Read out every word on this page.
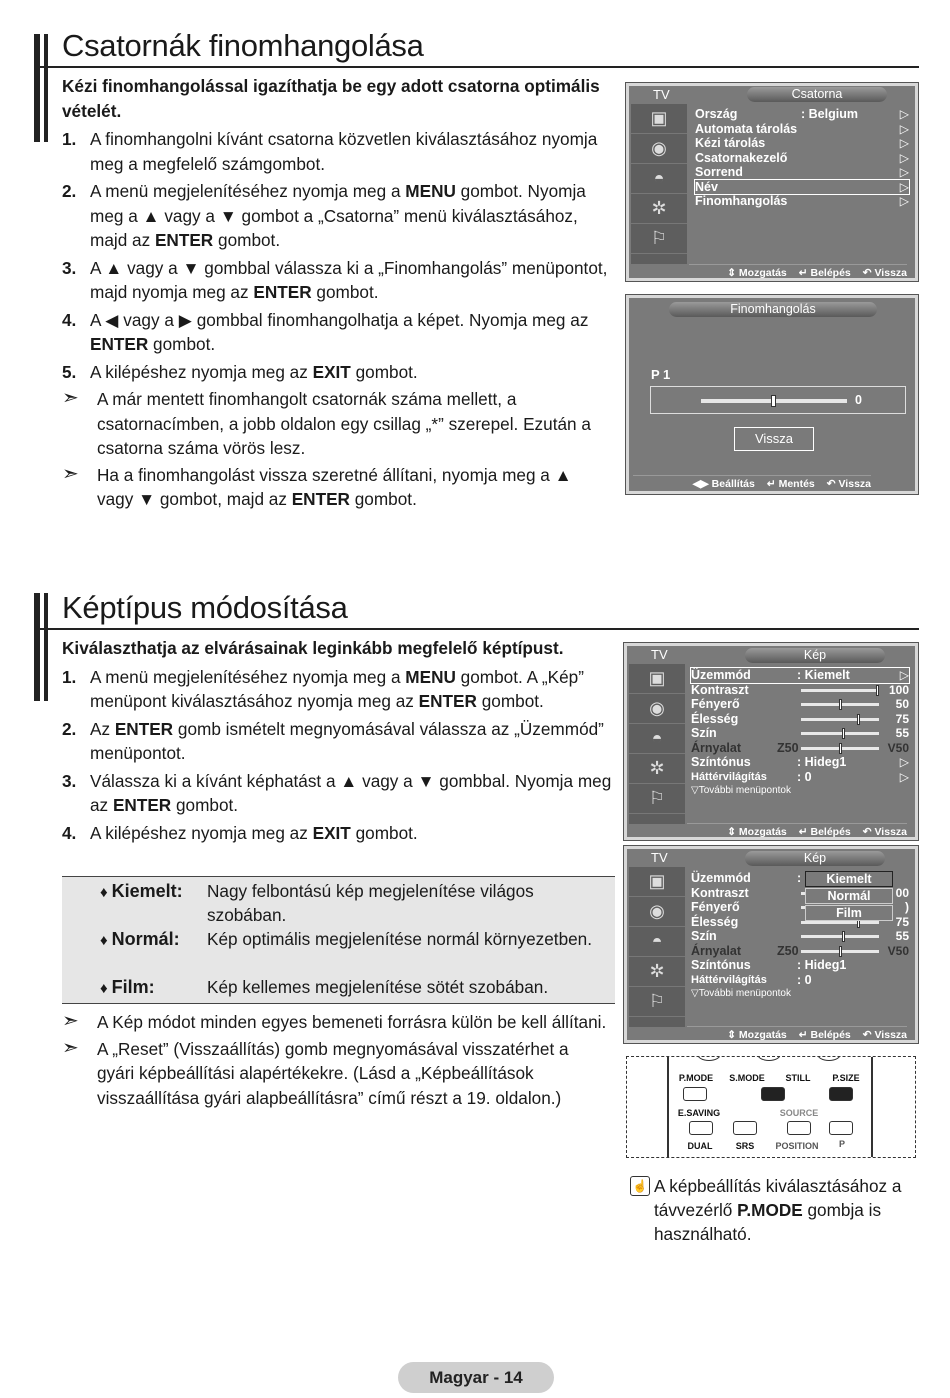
Csatornák finomhangolása
Kézi finomhangolással igazíthatja be egy adott csatorna optimális vételét.
1. A finomhangolni kívánt csatorna közvetlen kiválasztásához nyomja meg a megfelelő számgombot.
2. A menü megjelenítéséhez nyomja meg a MENU gombot. Nyomja meg a ▲ vagy a ▼ gombot a „Csatorna” menü kiválasztásához, majd az ENTER gombot.
3. A ▲ vagy a ▼ gombbal válassza ki a „Finomhangolás” menüpontot, majd nyomja meg az ENTER gombot.
4. A ◀ vagy a ▶ gombbal finomhangolhatja a képet. Nyomja meg az ENTER gombot.
5. A kilépéshez nyomja meg az EXIT gombot.
➣	A már mentett finomhangolt csatornák száma mellett, a csatornacímben, a jobb oldalon egy csillag „*” szerepel. Ezután a csatorna száma vörös lesz.
➣	Ha a finomhangolást vissza szeretné állítani, nyomja meg a ▲ vagy ▼ gombot, majd az ENTER gombot.
TV	Csatorna
▣
◉
◓
✲
⚐
Ország	: Belgium	▷
Automata tárolás	▷
Kézi tárolás	▷
Csatornakezelő	▷
Sorrend	▷
Név	▷
Finomhangolás	▷
⇕ Mozgatás ↵ Belépés ↶ Vissza
Finomhangolás
P 1
0
Vissza
◀▶ Beállítás ↵ Mentés ↶ Vissza
Képtípus módosítása
Kiválaszthatja az elvárásainak leginkább megfelelő képtípust.
1. A menü megjelenítéséhez nyomja meg a MENU gombot. A „Kép” menüpont kiválasztásához nyomja meg az ENTER gombot.
2. Az ENTER gomb ismételt megnyomásával válassza az „Üzemmód” menüpontot.
3. Válassza ki a kívánt képhatást a ▲ vagy a ▼ gombbal. Nyomja meg az ENTER gombot.
4. A kilépéshez nyomja meg az EXIT gombot.
♦ Kiemelt:	Nagy felbontású kép megjelenítése világos szobában.
♦ Normál:	Kép optimális megjelenítése normál környezetben.
♦ Film:	Kép kellemes megjelenítése sötét szobában.
➣	A Kép módot minden egyes bemeneti forrásra külön be kell állítani.
➣	A „Reset” (Visszaállítás) gomb megnyomásával visszatérhet a gyári képbeállítási alapértékekre. (Lásd a „Képbeállítások visszaállítása gyári alapbeállításra” című részt a 19. oldalon.)
TV	Kép
▣
◉
◓
✲
⚐
Üzemmód	: Kiemelt	▷
Kontraszt	100
Fényerő	50
Élesség	75
Szín	55
Árnyalat	Z50	V50
Színtónus	: Hideg1	▷
Háttérvilágítás	: 0	▷
▽További menüpontok
⇕ Mozgatás ↵ Belépés ↶ Vissza
TV	Kép
▣
◉
◓
✲
⚐
Üzemmód	:
Kontraszt	00
Fényerő	)
Élesség	75
Szín	55
Árnyalat	Z50	V50
Színtónus	: Hideg1
Háttérvilágítás	: 0
▽További menüpontok
Kiemelt
Normál
Film
⇕ Mozgatás ↵ Belépés ↶ Vissza
P.MODE	S.MODE	STILL	P.SIZE
E.SAVING	SOURCE
DUAL	SRS	POSITION	P
☝ A képbeállítás kiválasztásához a távvezérlő P.MODE gombja is használható.
Magyar - 14
